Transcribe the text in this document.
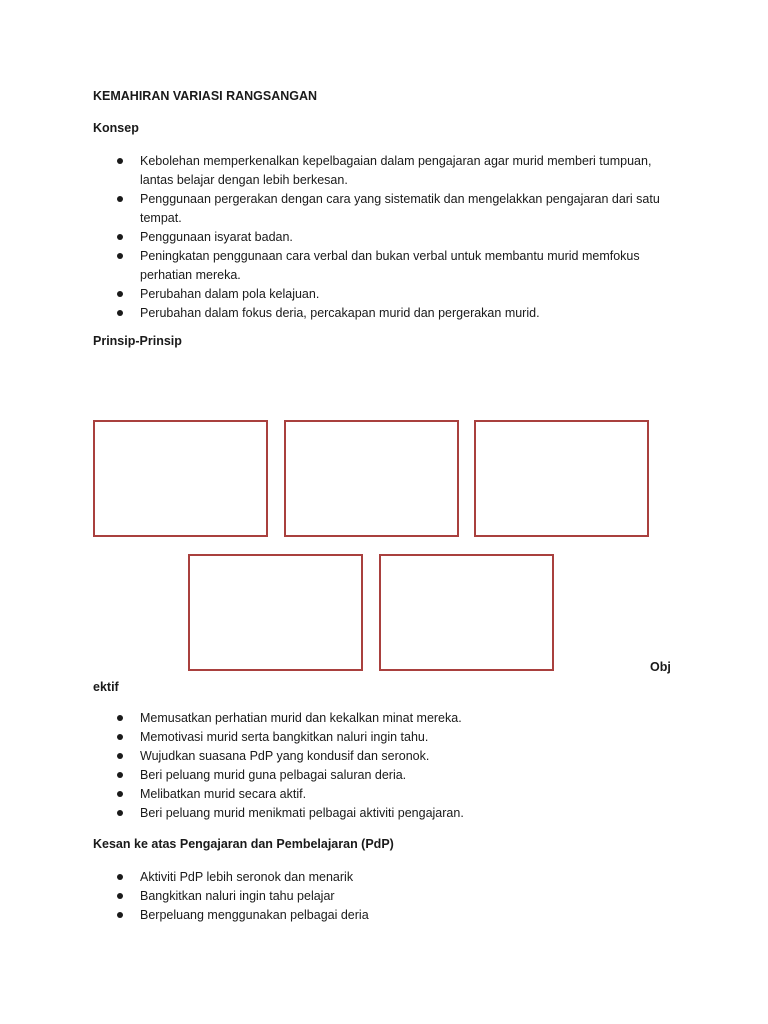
KEMAHIRAN VARIASI RANGSANGAN
Konsep
Kebolehan memperkenalkan kepelbagaian dalam pengajaran agar murid memberi tumpuan, lantas belajar dengan lebih berkesan.
Penggunaan pergerakan dengan cara yang sistematik dan mengelakkan pengajaran dari satu tempat.
Penggunaan isyarat badan.
Peningkatan penggunaan cara verbal dan bukan verbal untuk membantu murid memfokus perhatian mereka.
Perubahan dalam pola kelajuan.
Perubahan dalam fokus deria, percakapan murid dan pergerakan murid.
Prinsip-Prinsip
Obj
ektif
Memusatkan perhatian murid dan kekalkan minat mereka.
Memotivasi murid serta bangkitkan naluri ingin tahu.
Wujudkan suasana PdP yang kondusif dan seronok.
Beri peluang murid guna pelbagai saluran deria.
Melibatkan murid secara aktif.
Beri peluang murid menikmati pelbagai aktiviti pengajaran.
Kesan ke atas Pengajaran dan Pembelajaran (PdP)
Aktiviti PdP lebih seronok dan menarik
Bangkitkan naluri ingin tahu pelajar
Berpeluang menggunakan pelbagai deria
